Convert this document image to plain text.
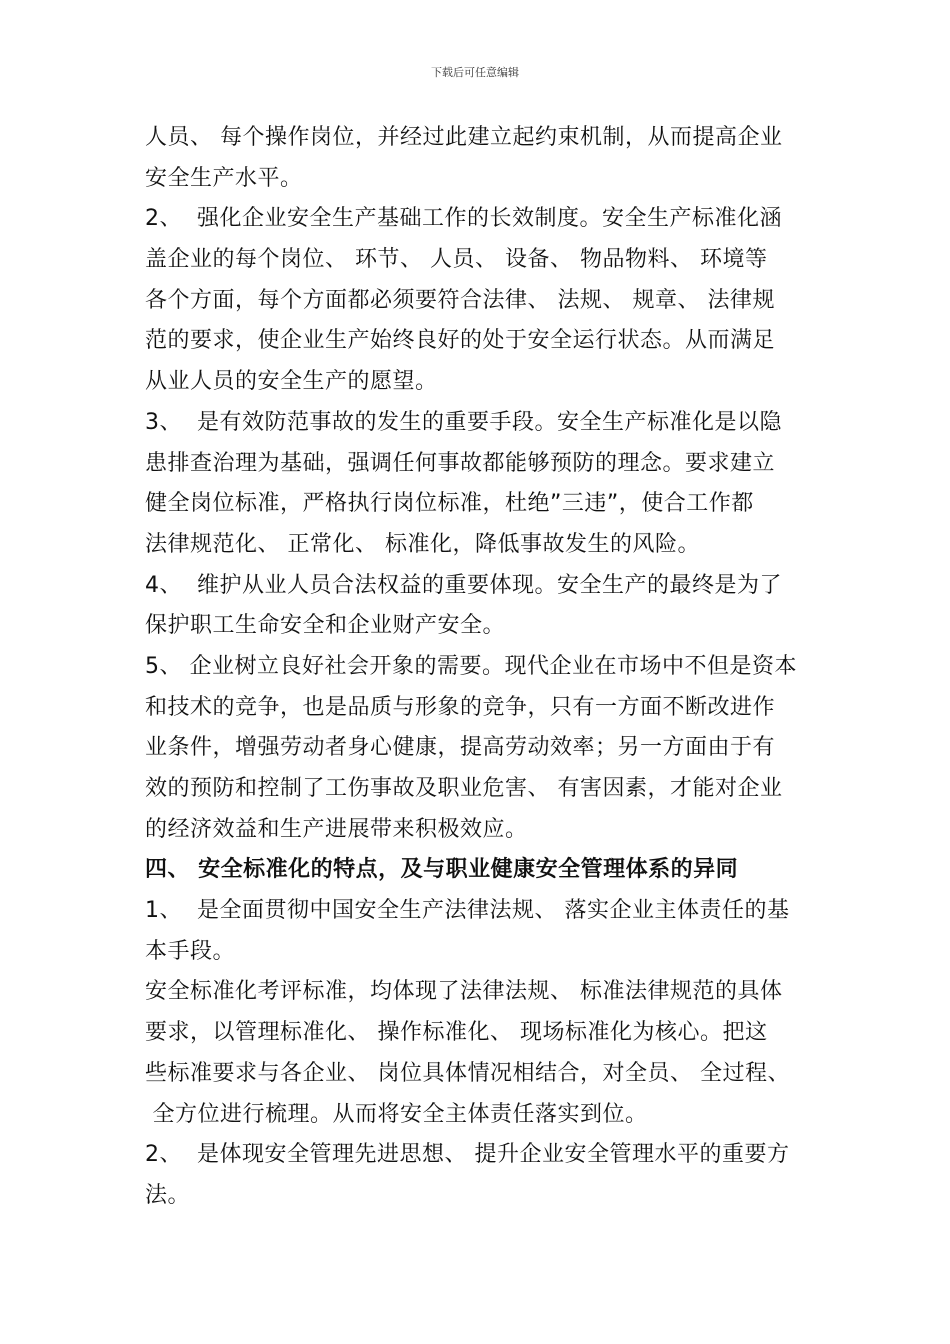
下载后可任意编辑
人员、 每个操作岗位，并经过此建立起约束机制，从而提高企业
安全生产水平。
2、  强化企业安全生产基础工作的长效制度。安全生产标准化涵
盖企业的每个岗位、 环节、 人员、 设备、 物品物料、 环境等
各个方面，每个方面都必须要符合法律、 法规、 规章、 法律规
范的要求，使企业生产始终良好的处于安全运行状态。从而满足
从业人员的安全生产的愿望。
3、  是有效防范事故的发生的重要手段。安全生产标准化是以隐
患排查治理为基础，强调任何事故都能够预防的理念。要求建立
健全岗位标准，严格执行岗位标准，杜绝”三违”，使合工作都
法律规范化、 正常化、 标准化，降低事故发生的风险。
4、  维护从业人员合法权益的重要体现。安全生产的最终是为了
保护职工生命安全和企业财产安全。
5、 企业树立良好社会开象的需要。现代企业在市场中不但是资本
和技术的竞争，也是品质与形象的竞争，只有一方面不断改进作
业条件，增强劳动者身心健康，提高劳动效率；另一方面由于有
效的预防和控制了工伤事故及职业危害、 有害因素，才能对企业
的经济效益和生产进展带来积极效应。
四、 安全标准化的特点，及与职业健康安全管理体系的异同
1、  是全面贯彻中国安全生产法律法规、 落实企业主体责任的基
本手段。
安全标准化考评标准，均体现了法律法规、 标准法律规范的具体
要求，以管理标准化、 操作标准化、 现场标准化为核心。把这
些标准要求与各企业、 岗位具体情况相结合，对全员、 全过程、
全方位进行梳理。从而将安全主体责任落实到位。
2、  是体现安全管理先进思想、 提升企业安全管理水平的重要方
法。
